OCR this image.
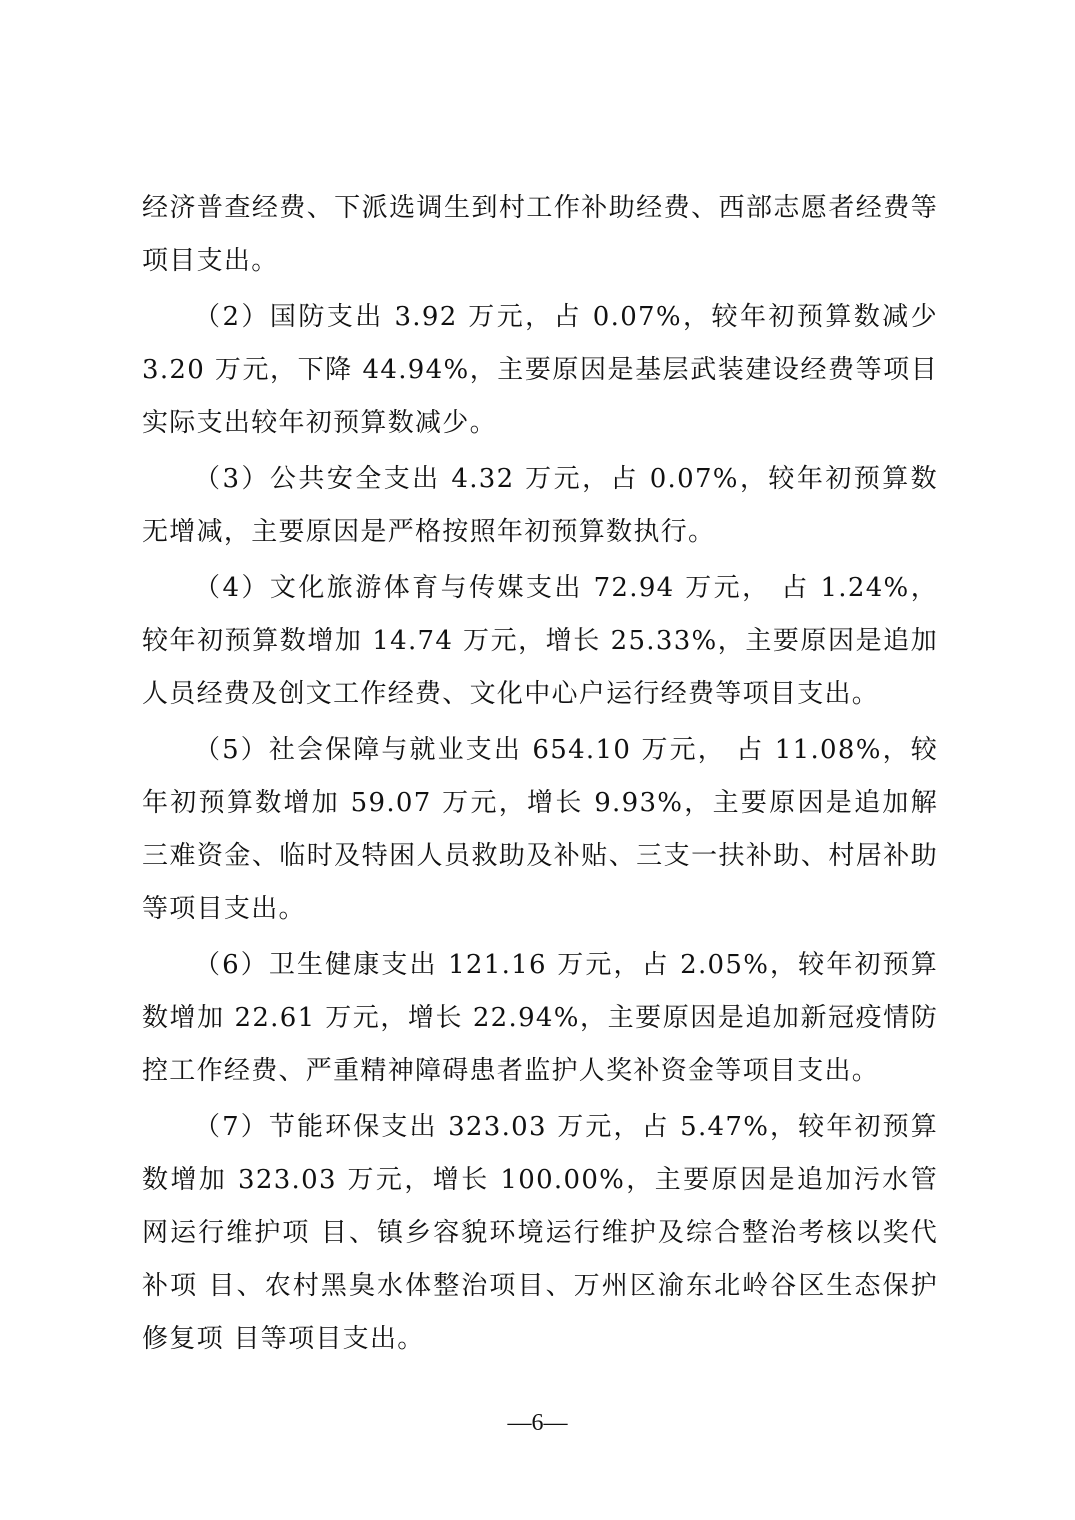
经济普查经费、下派选调生到村工作补助经费、西部志愿者经费等项目支出。

（2）国防支出 3.92 万元，占 0.07%，较年初预算数减少 3.20 万元，下降 44.94%，主要原因是基层武装建设经费等项目实际支出较年初预算数减少。

（3）公共安全支出 4.32 万元，占 0.07%，较年初预算数无增减，主要原因是严格按照年初预算数执行。

（4）文化旅游体育与传媒支出 72.94 万元， 占 1.24%，较年初预算数增加 14.74 万元，增长 25.33%，主要原因是追加人员经费及创文工作经费、文化中心户运行经费等项目支出。

（5）社会保障与就业支出 654.10 万元， 占 11.08%，较年初预算数增加 59.07 万元，增长 9.93%，主要原因是追加解三难资金、临时及特困人员救助及补贴、三支一扶补助、村居补助等项目支出。

（6）卫生健康支出 121.16 万元，占 2.05%，较年初预算数增加 22.61 万元，增长 22.94%，主要原因是追加新冠疫情防控工作经费、严重精神障碍患者监护人奖补资金等项目支出。

（7）节能环保支出 323.03 万元，占 5.47%，较年初预算数增加 323.03 万元，增长 100.00%，主要原因是追加污水管网运行维护项 目、镇乡容貌环境运行维护及综合整治考核以奖代补项 目、农村黑臭水体整治项目、万州区渝东北岭谷区生态保护修复项 目等项目支出。

—6—
